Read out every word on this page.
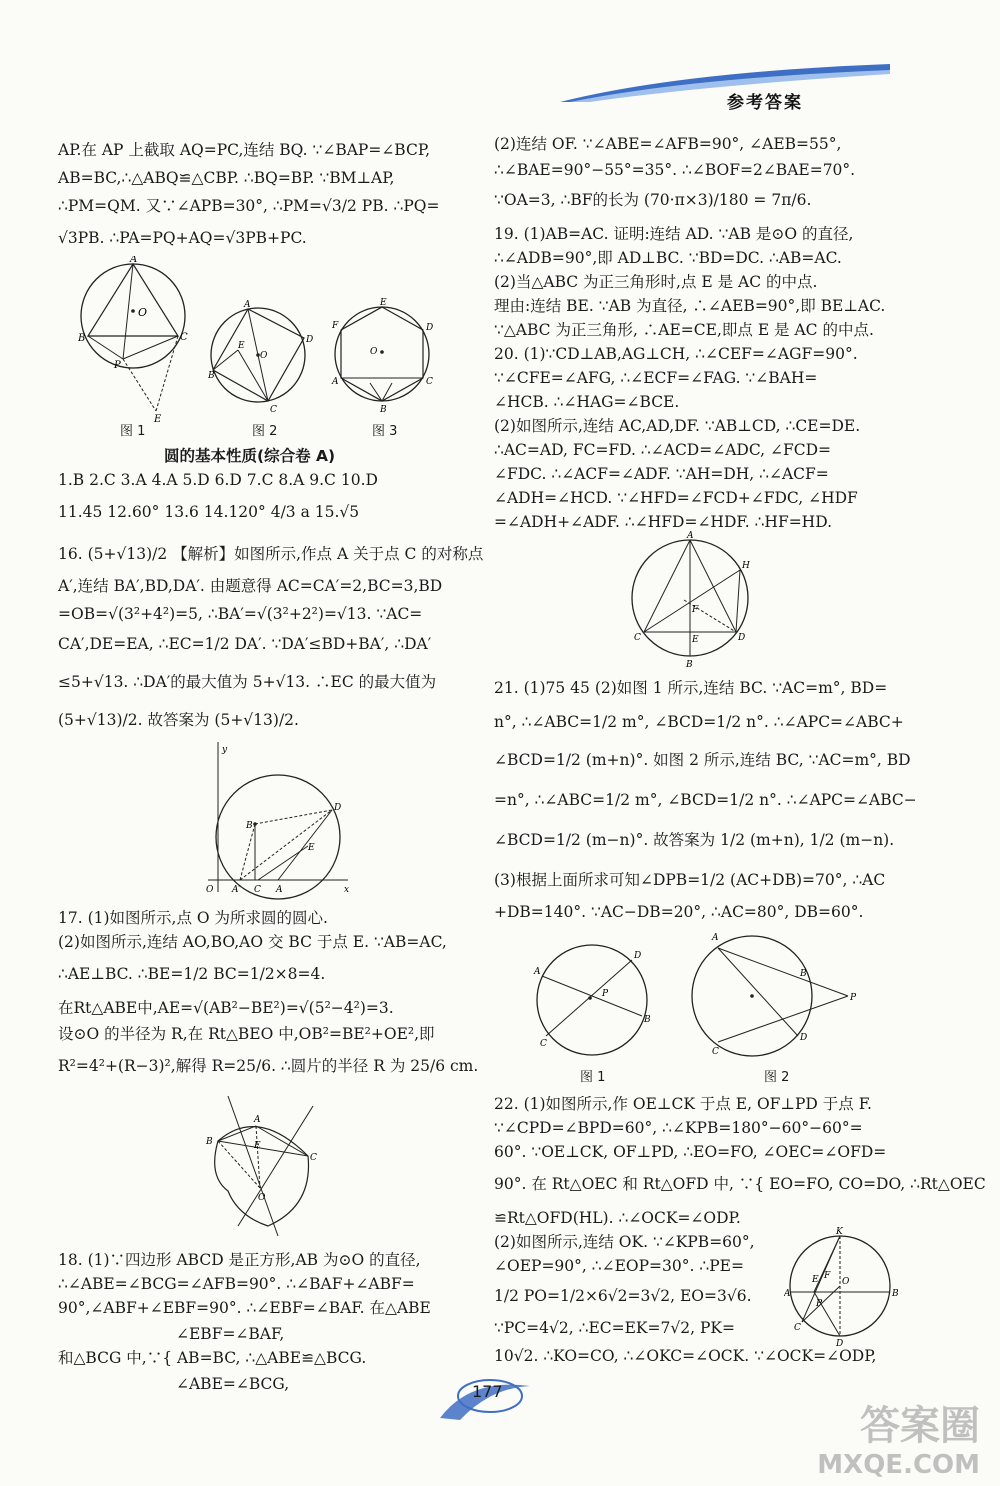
参考答案
AP.在 AP 上截取 AQ=PC,连结 BQ. ∵∠BAP=∠BCP,
AB=BC,∴△ABQ≌△CBP. ∴BQ=BP. ∵BM⊥AP,
∴PM=QM. 又∵∠APB=30°, ∴PM=√3/2 PB. ∴PQ=
√3PB. ∴PA=PQ+AQ=√3PB+PC.
A
O
B	C
P
E
A
D
B
C
O
E
E
F	D
O
A	C
B
图 1	图 2	图 3
圆的基本性质(综合卷 A)
1.B 2.C 3.A 4.A 5.D 6.D 7.C 8.A 9.C 10.D
11.45 12.60° 13.6 14.120° 4/3 a 15.√5
16. (5+√13)/2 【解析】如图所示,作点 A 关于点 C 的对称点
A′,连结 BA′,BD,DA′. 由题意得 AC=CA′=2,BC=3,BD
=OB=√(3²+4²)=5, ∴BA′=√(3²+2²)=√13. ∵AC=
CA′,DE=EA, ∴EC=1/2 DA′. ∵DA′≤BD+BA′, ∴DA′
≤5+√13. ∴DA′的最大值为 5+√13. ∴EC 的最大值为
(5+√13)/2. 故答案为 (5+√13)/2.
y
x
O
B
D
E
A′ C A
17. (1)如图所示,点 O 为所求圆的圆心.
(2)如图所示,连结 AO,BO,AO 交 BC 于点 E. ∵AB=AC,
∴AE⊥BC. ∴BE=1/2 BC=1/2×8=4.
在Rt△ABE中,AE=√(AB²−BE²)=√(5²−4²)=3.
设⊙O 的半径为 R,在 Rt△BEO 中,OB²=BE²+OE²,即
R²=4²+(R−3)²,解得 R=25/6. ∴圆片的半径 R 为 25/6 cm.
B
A
C
E
O
18. (1)∵四边形 ABCD 是正方形,AB 为⊙O 的直径,
∴∠ABE=∠BCG=∠AFB=90°. ∴∠BAF+∠ABF=
90°,∠ABF+∠EBF=90°. ∴∠EBF=∠BAF. 在△ABE
∠EBF=∠BAF,
和△BCG 中,∵{ AB=BC, ∴△ABE≌△BCG.
∠ABE=∠BCG,
(2)连结 OF. ∵∠ABE=∠AFB=90°, ∠AEB=55°,
∴∠BAE=90°−55°=35°. ∴∠BOF=2∠BAE=70°.
∵OA=3, ∴BF的长为 (70·π×3)/180 = 7π/6.
19. (1)AB=AC. 证明:连结 AD. ∵AB 是⊙O 的直径,
∴∠ADB=90°,即 AD⊥BC. ∵BD=DC. ∴AB=AC.
(2)当△ABC 为正三角形时,点 E 是 AC 的中点.
理由:连结 BE. ∵AB 为直径, ∴∠AEB=90°,即 BE⊥AC.
∵△ABC 为正三角形, ∴AE=CE,即点 E 是 AC 的中点.
20. (1)∵CD⊥AB,AG⊥CH, ∴∠CEF=∠AGF=90°.
∵∠CFE=∠AFG, ∴∠ECF=∠FAG. ∵∠BAH=
∠HCB. ∴∠HAG=∠BCE.
(2)如图所示,连结 AC,AD,DF. ∵AB⊥CD, ∴CE=DE.
∴AC=AD, FC=FD. ∴∠ACD=∠ADC, ∠FCD=
∠FDC. ∴∠ACF=∠ADF. ∵AH=DH, ∴∠ACF=
∠ADH=∠HCD. ∵∠HFD=∠FCD+∠FDC, ∠HDF
=∠ADH+∠ADF. ∴∠HFD=∠HDF. ∴HF=HD.
A
H
C	D
E
B
F
21. (1)75 45 (2)如图 1 所示,连结 BC. ∵AC=m°, BD=
n°, ∴∠ABC=1/2 m°, ∠BCD=1/2 n°. ∴∠APC=∠ABC+
∠BCD=1/2 (m+n)°. 如图 2 所示,连结 BC, ∵AC=m°, BD
=n°, ∴∠ABC=1/2 m°, ∠BCD=1/2 n°. ∴∠APC=∠ABC−
∠BCD=1/2 (m−n)°. 故答案为 1/2 (m+n), 1/2 (m−n).
(3)根据上面所求可知∠DPB=1/2 (AC+DB)=70°, ∴AC
+DB=140°. ∵AC−DB=20°, ∴AC=80°, DB=60°.
A
D
B
C
P
A
B
P
D
C
图 1	图 2
22. (1)如图所示,作 OE⊥CK 于点 E, OF⊥PD 于点 F.
∵∠CPD=∠BPD=60°, ∴∠KPB=180°−60°−60°=
60°. ∵OE⊥CK, OF⊥PD, ∴EO=FO, ∠OEC=∠OFD=
90°. 在 Rt△OEC 和 Rt△OFD 中, ∵{ EO=FO, CO=DO, ∴Rt△OEC
≌Rt△OFD(HL). ∴∠OCK=∠ODP.
(2)如图所示,连结 OK. ∵∠KPB=60°,
∠OEP=90°, ∴∠EOP=30°. ∴PE=
1/2 PO=1/2×6√2=3√2, EO=3√6.
∵PC=4√2, ∴EC=EK=7√2, PK=
10√2. ∴KO=CO, ∴∠OKC=∠OCK. ∵∠OCK=∠ODP,
K
A	B
C
D
O
E
P
F
177
答案圈
MXQE.COM
